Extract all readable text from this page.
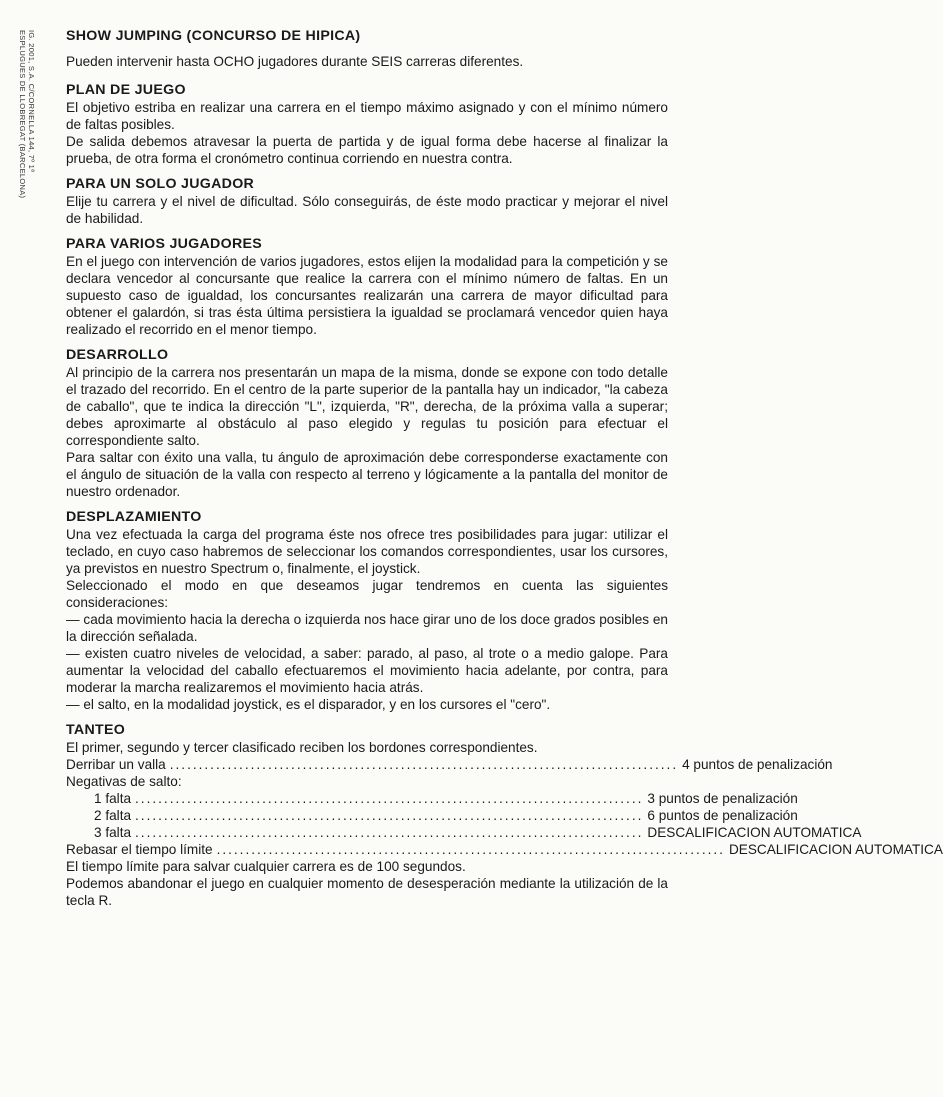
IG. 2001, S.A. C/CORNELLA 144, 7º 1ª
ESPLUGUES DE LLOBREGAT (BARCELONA)	SHOW JUMPING (CONCURSO DE HIPICA)

Pueden intervenir hasta OCHO jugadores durante SEIS carreras diferentes.

PLAN DE JUEGO

El objetivo estriba en realizar una carrera en el tiempo máximo asignado y con el mínimo número de faltas posibles.

De salida debemos atravesar la puerta de partida y de igual forma debe hacerse al finalizar la prueba, de otra forma el cronómetro continua corriendo en nuestra contra.

PARA UN SOLO JUGADOR

Elije tu carrera y el nivel de dificultad. Sólo conseguirás, de éste modo practicar y mejorar el nivel de habilidad.

PARA VARIOS JUGADORES

En el juego con intervención de varios jugadores, estos elijen la modalidad para la competición y se declara vencedor al concursante que realice la carrera con el mínimo número de faltas. En un supuesto caso de igualdad, los concursantes realizarán una carrera de mayor dificultad para obtener el galardón, si tras ésta última persistiera la igualdad se proclamará vencedor quien haya realizado el recorrido en el menor tiempo.

DESARROLLO

Al principio de la carrera nos presentarán un mapa de la misma, donde se expone con todo detalle el trazado del recorrido. En el centro de la parte superior de la pantalla hay un indicador, "la cabeza de caballo", que te indica la dirección "L", izquierda, "R", derecha, de la próxima valla a superar; debes aproximarte al obstáculo al paso elegido y regulas tu posición para efectuar el correspondiente salto.

Para saltar con éxito una valla, tu ángulo de aproximación debe corresponderse exactamente con el ángulo de situación de la valla con respecto al terreno y lógicamente a la pantalla del monitor de nuestro ordenador.

DESPLAZAMIENTO

Una vez efectuada la carga del programa éste nos ofrece tres posibilidades para jugar: utilizar el teclado, en cuyo caso habremos de seleccionar los comandos correspondientes, usar los cursores, ya previstos en nuestro Spectrum o, finalmente, el joystick.

Seleccionado el modo en que deseamos jugar tendremos en cuenta las siguientes consideraciones:

— cada movimiento hacia la derecha o izquierda nos hace girar uno de los doce grados posibles en la dirección señalada.
— existen cuatro niveles de velocidad, a saber: parado, al paso, al trote o a medio galope. Para aumentar la velocidad del caballo efectuaremos el movimiento hacia adelante, por contra, para moderar la marcha realizaremos el movimiento hacia atrás.
— el salto, en la modalidad joystick, es el disparador, y en los cursores el "cero".
TANTEO

El primer, segundo y tercer clasificado reciben los bordones correspondientes.

Derribar un valla ........................................................................................ 4 puntos de penalización

Negativas de salto:

1 falta ........................................................................................ 3 puntos de penalización
2 falta ........................................................................................ 6 puntos de penalización
3 falta ........................................................................................ DESCALIFICACION AUTOMATICA
Rebasar el tiempo límite ........................................................................................ DESCALIFICACION AUTOMATICA

El tiempo límite para salvar cualquier carrera es de 100 segundos.

Podemos abandonar el juego en cualquier momento de desesperación mediante la utilización de la tecla R.
